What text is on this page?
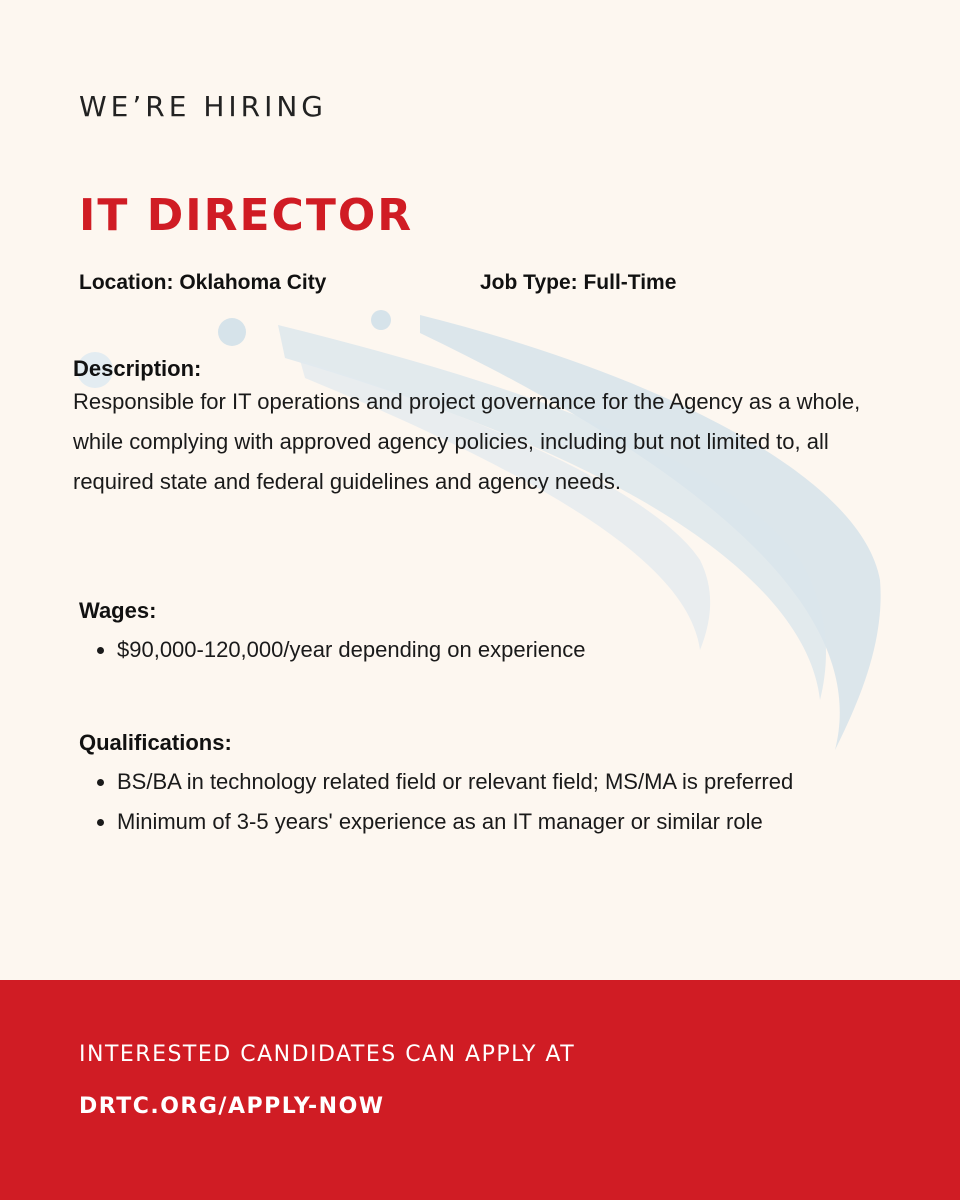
WE’RE HIRING
IT DIRECTOR
Location: Oklahoma City	Job Type: Full-Time
Description:

Responsible for IT operations and project governance for the Agency as a whole, while complying with approved agency policies, including but not limited to, all required state and federal guidelines and agency needs.

Wages:
• $90,000-120,000/year depending on experience
Qualifications:
• BS/BA in technology related field or relevant field; MS/MA is preferred
• Minimum of 3-5 years' experience as an IT manager or similar role
INTERESTED CANDIDATES CAN APPLY AT
DRTC.ORG/APPLY-NOW
